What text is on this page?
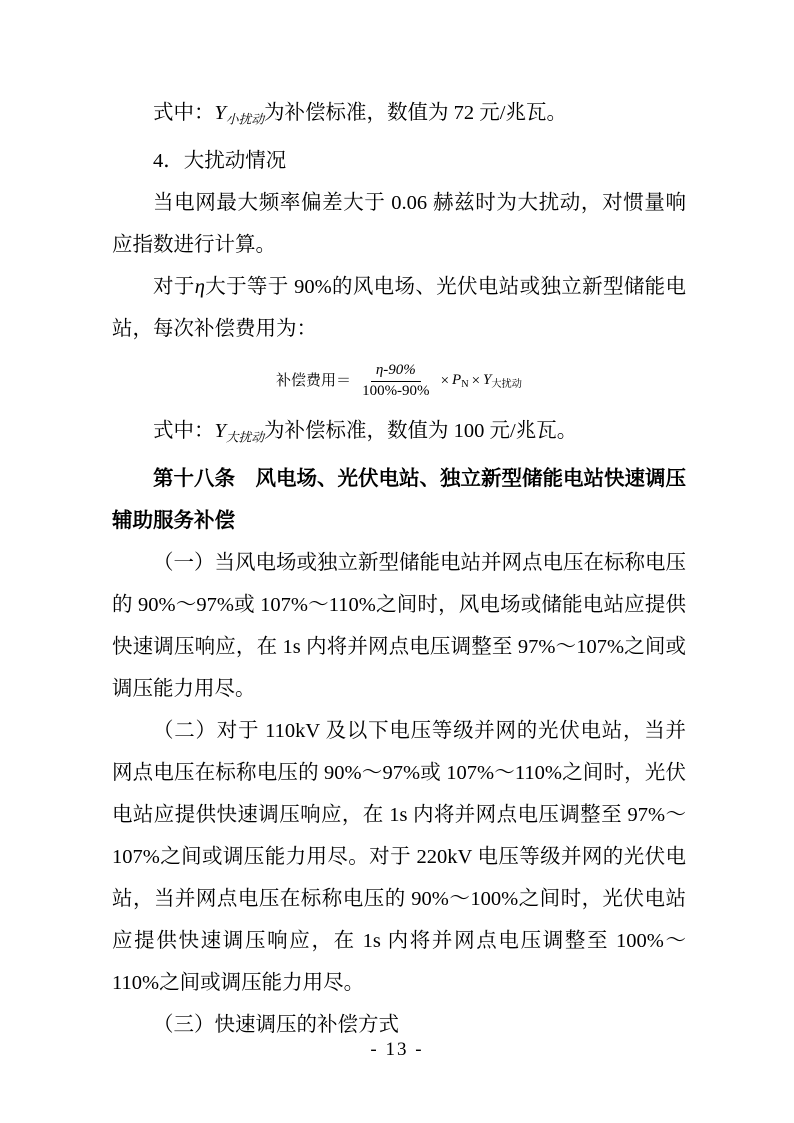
式中：$Y_{小扰动}$为补偿标准，数值为 72 元/兆瓦。

4．大扰动情况

当电网最大频率偏差大于 0.06 赫兹时为大扰动，对惯量响应指数进行计算。

对于η大于等于 90%的风电场、光伏电站或独立新型储能电站，每次补偿费用为：

补偿费用＝ $\frac{\eta-90\%}{100\%-90\%} \times P_N \times Y_{大扰动}$

式中：$Y_{大扰动}$为补偿标准，数值为 100 元/兆瓦。

第十八条　 风电场、光伏电站、独立新型储能电站快速调压辅助服务补偿

（一）当风电场或独立新型储能电站并网点电压在标称电压的 90%～97%或 107%～110%之间时，风电场或储能电站应提供快速调压响应，在 1s 内将并网点电压调整至 97%～107%之间或调压能力用尽。

（二）对于 110kV 及以下电压等级并网的光伏电站，当并网点电压在标称电压的 90%～97%或 107%～110%之间时，光伏电站应提供快速调压响应，在 1s 内将并网点电压调整至 97%～107%之间或调压能力用尽。对于 220kV 电压等级并网的光伏电站，当并网点电压在标称电压的 90%～100%之间时，光伏电站应提供快速调压响应，在 1s 内将并网点电压调整至 100%～110%之间或调压能力用尽。

（三）快速调压的补偿方式

- 13 -
